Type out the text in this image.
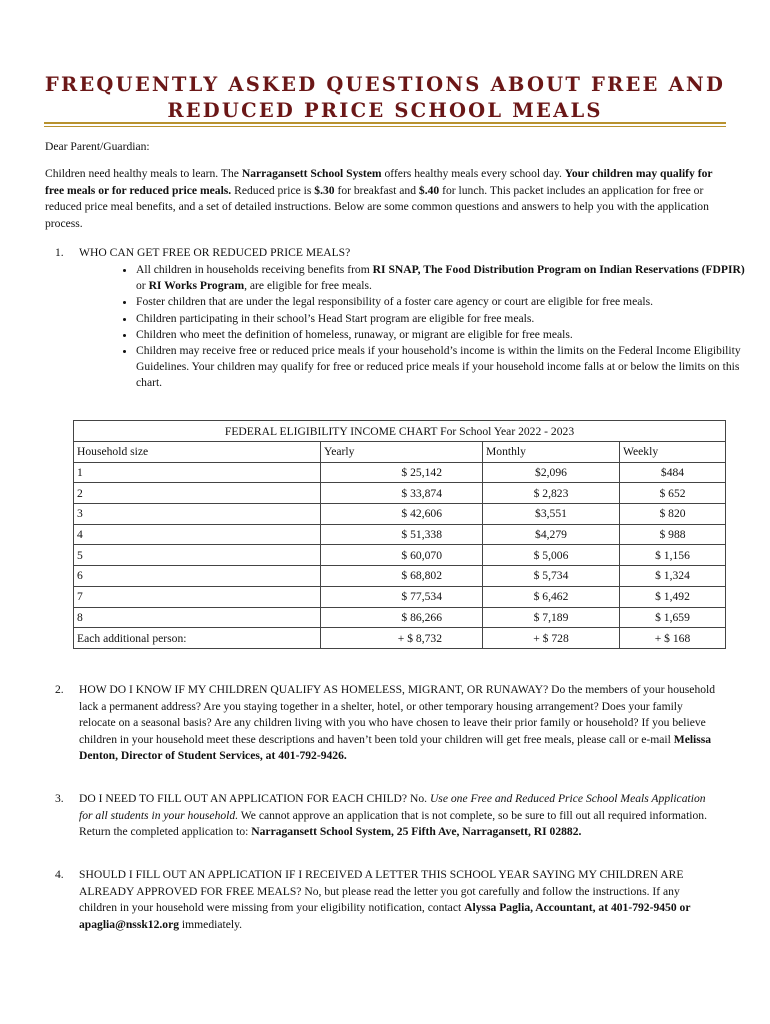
FREQUENTLY ASKED QUESTIONS ABOUT FREE AND
REDUCED PRICE SCHOOL MEALS
Dear Parent/Guardian:
Children need healthy meals to learn. The Narragansett School System offers healthy meals every school day. Your children may qualify for free meals or for reduced price meals. Reduced price is $.30 for breakfast and $.40 for lunch. This packet includes an application for free or reduced price meal benefits, and a set of detailed instructions. Below are some common questions and answers to help you with the application process.
1. WHO CAN GET FREE OR REDUCED PRICE MEALS?
• All children in households receiving benefits from RI SNAP, The Food Distribution Program on Indian Reservations (FDPIR) or RI Works Program, are eligible for free meals.
• Foster children that are under the legal responsibility of a foster care agency or court are eligible for free meals.
• Children participating in their school’s Head Start program are eligible for free meals.
• Children who meet the definition of homeless, runaway, or migrant are eligible for free meals.
• Children may receive free or reduced price meals if your household’s income is within the limits on the Federal Income Eligibility Guidelines. Your children may qualify for free or reduced price meals if your household income falls at or below the limits on this chart.
FEDERAL ELIGIBILITY INCOME CHART For School Year 2022 - 2023			
Household size	Yearly	Monthly	Weekly
1	$ 25,142	$2,096	$484
2	$ 33,874	$ 2,823	$ 652
3	$ 42,606	$3,551	$ 820
4	$ 51,338	$4,279	$ 988
5	$ 60,070	$ 5,006	$ 1,156
6	$ 68,802	$ 5,734	$ 1,324
7	$ 77,534	$ 6,462	$ 1,492
8	$ 86,266	$ 7,189	$ 1,659
Each additional person:	+ $ 8,732	+ $ 728	+ $ 168
2. HOW DO I KNOW IF MY CHILDREN QUALIFY AS HOMELESS, MIGRANT, OR RUNAWAY? Do the members of your household lack a permanent address? Are you staying together in a shelter, hotel, or other temporary housing arrangement? Does your family relocate on a seasonal basis? Are any children living with you who have chosen to leave their prior family or household? If you believe children in your household meet these descriptions and haven’t been told your children will get free meals, please call or e-mail Melissa Denton, Director of Student Services, at 401-792-9426.
3. DO I NEED TO FILL OUT AN APPLICATION FOR EACH CHILD? No. Use one Free and Reduced Price School Meals Application for all students in your household. We cannot approve an application that is not complete, so be sure to fill out all required information. Return the completed application to: Narragansett School System, 25 Fifth Ave, Narragansett, RI 02882.
4. SHOULD I FILL OUT AN APPLICATION IF I RECEIVED A LETTER THIS SCHOOL YEAR SAYING MY CHILDREN ARE ALREADY APPROVED FOR FREE MEALS? No, but please read the letter you got carefully and follow the instructions. If any children in your household were missing from your eligibility notification, contact Alyssa Paglia, Accountant, at 401-792-9450 or apaglia@nssk12.org immediately.
